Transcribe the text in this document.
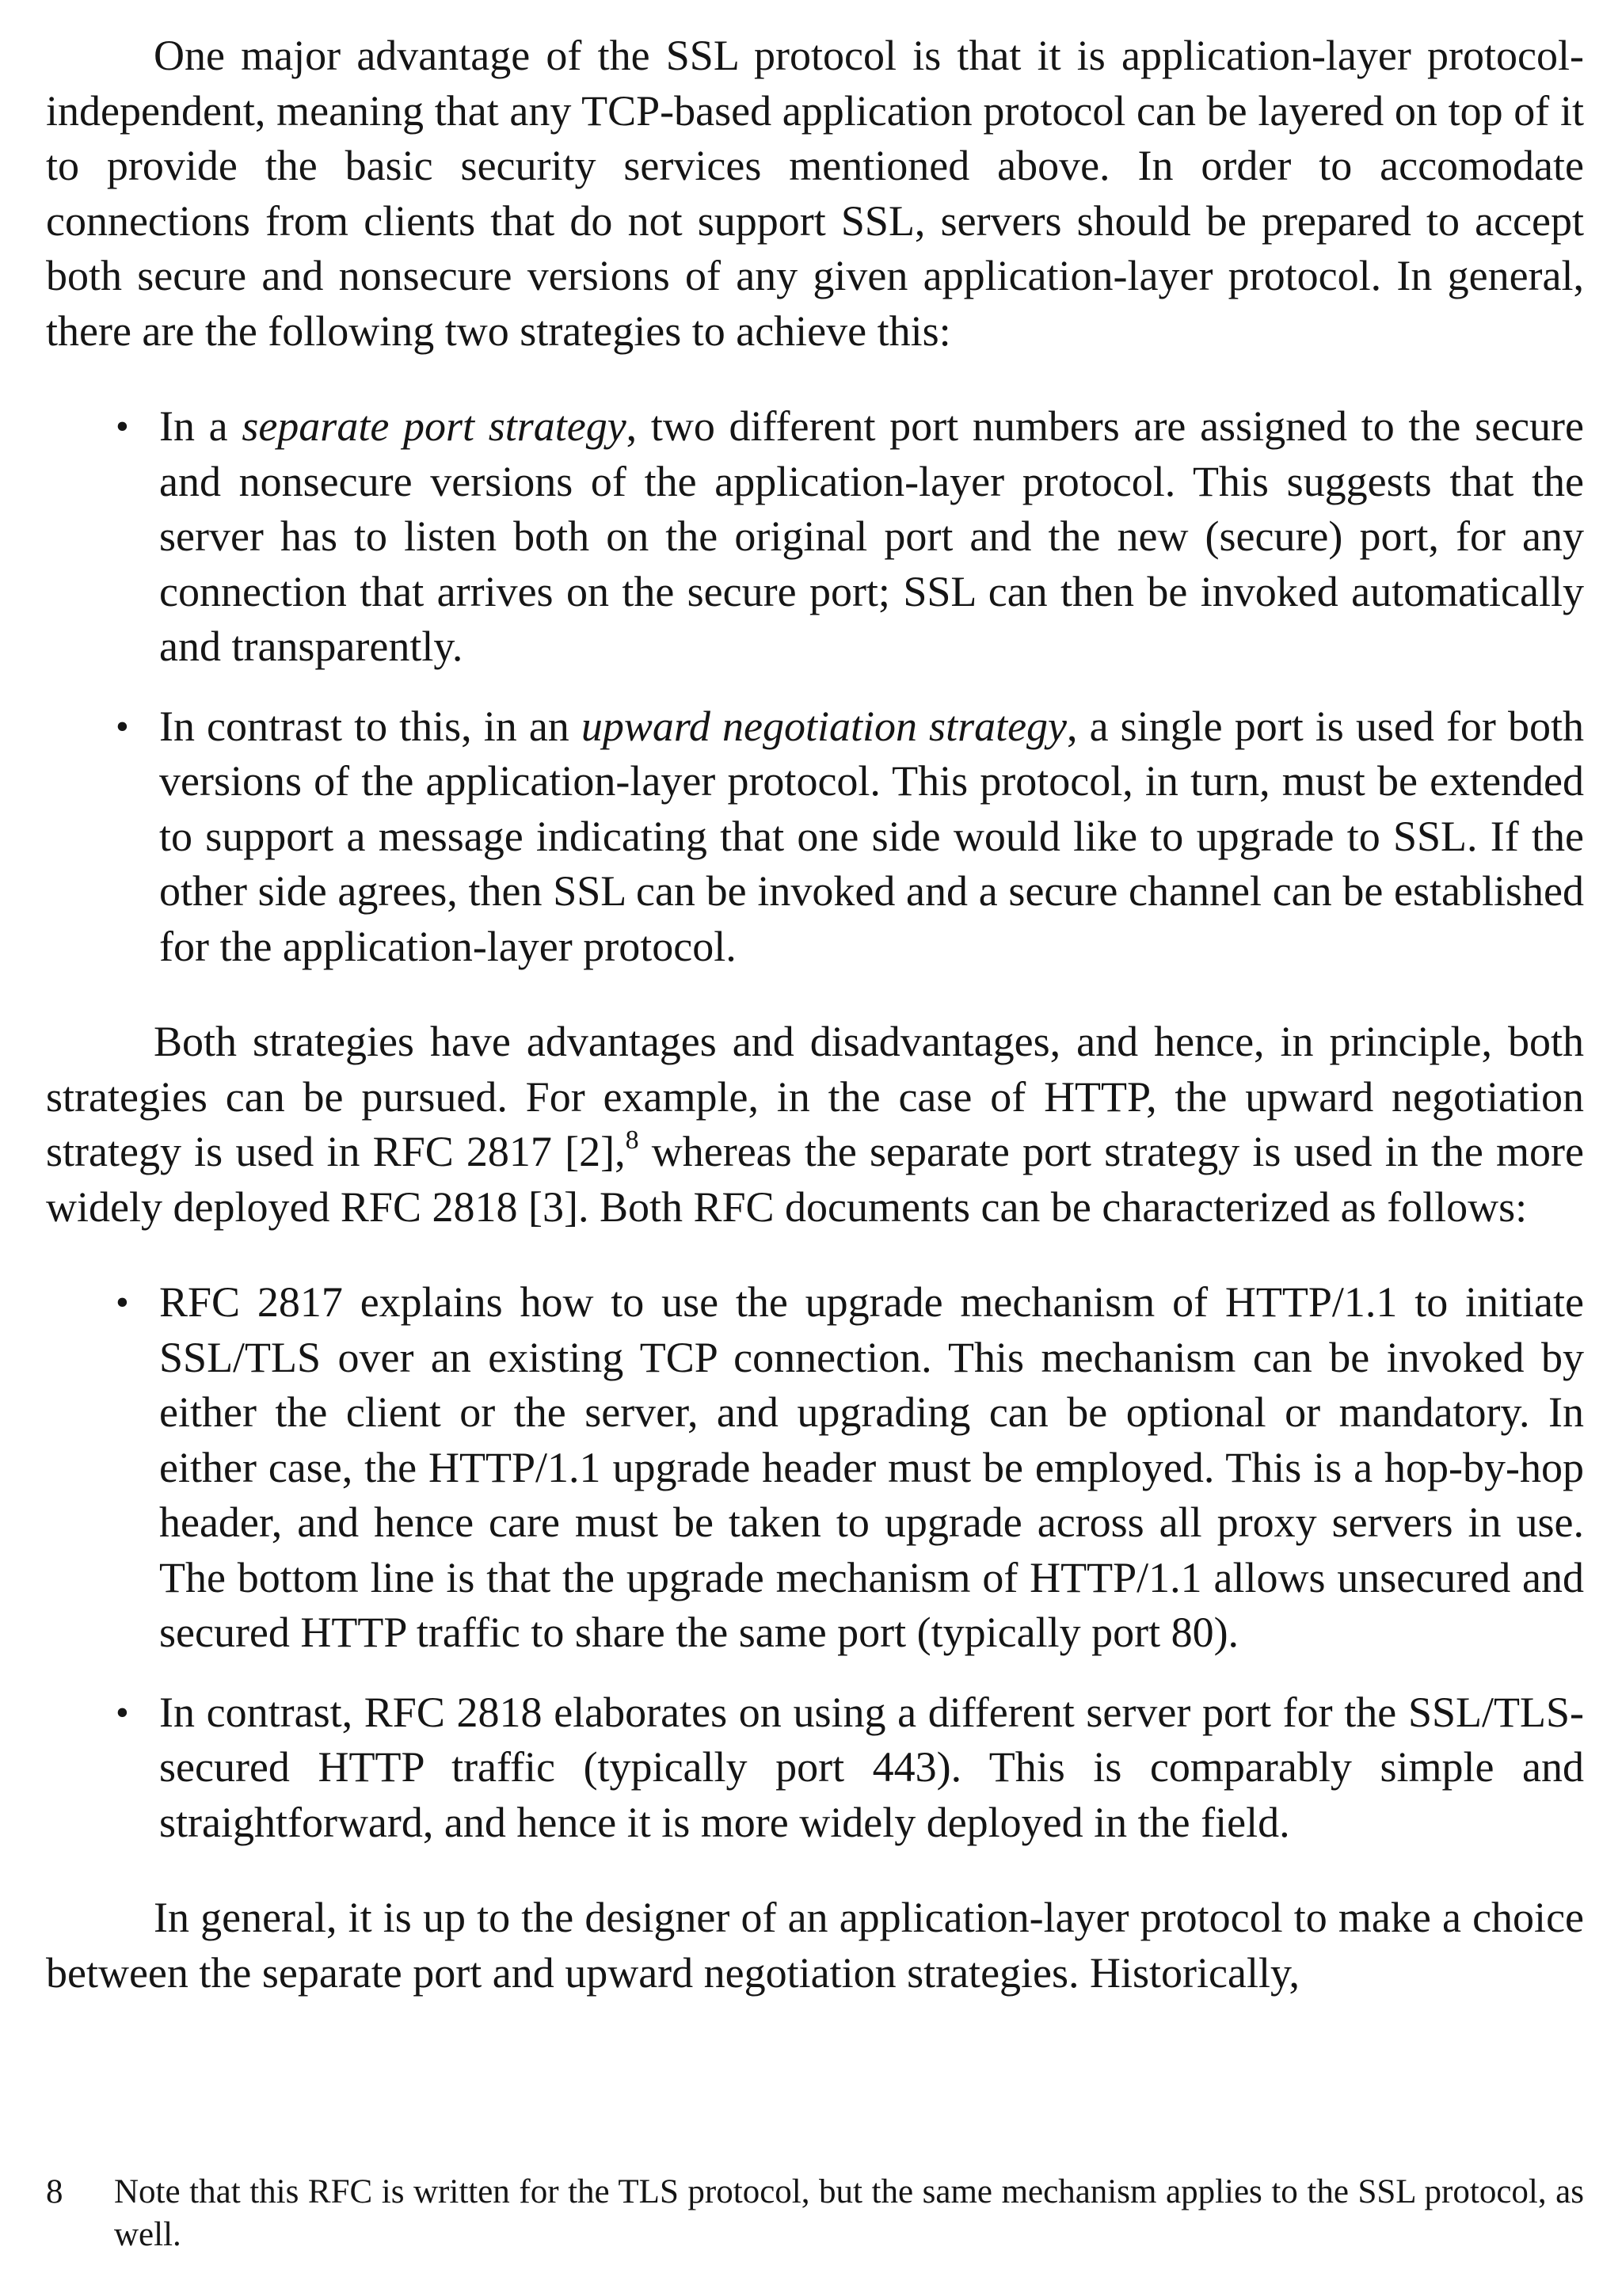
One major advantage of the SSL protocol is that it is application-layer protocol-independent, meaning that any TCP-based application protocol can be layered on top of it to provide the basic security services mentioned above. In order to accomodate connections from clients that do not support SSL, servers should be prepared to accept both secure and nonsecure versions of any given application-layer protocol. In general, there are the following two strategies to achieve this:

• In a separate port strategy, two different port numbers are assigned to the secure and nonsecure versions of the application-layer protocol. This suggests that the server has to listen both on the original port and the new (secure) port, for any connection that arrives on the secure port; SSL can then be invoked automatically and transparently.
• In contrast to this, in an upward negotiation strategy, a single port is used for both versions of the application-layer protocol. This protocol, in turn, must be extended to support a message indicating that one side would like to upgrade to SSL. If the other side agrees, then SSL can be invoked and a secure channel can be established for the application-layer protocol.

Both strategies have advantages and disadvantages, and hence, in principle, both strategies can be pursued. For example, in the case of HTTP, the upward negotiation strategy is used in RFC 2817 [2],$^8$ whereas the separate port strategy is used in the more widely deployed RFC 2818 [3]. Both RFC documents can be characterized as follows:

• RFC 2817 explains how to use the upgrade mechanism of HTTP/1.1 to initiate SSL/TLS over an existing TCP connection. This mechanism can be invoked by either the client or the server, and upgrading can be optional or mandatory. In either case, the HTTP/1.1 upgrade header must be employed. This is a hop-by-hop header, and hence care must be taken to upgrade across all proxy servers in use. The bottom line is that the upgrade mechanism of HTTP/1.1 allows unsecured and secured HTTP traffic to share the same port (typically port 80).
• In contrast, RFC 2818 elaborates on using a different server port for the SSL/TLS-secured HTTP traffic (typically port 443). This is comparably simple and straightforward, and hence it is more widely deployed in the field.

In general, it is up to the designer of an application-layer protocol to make a choice between the separate port and upward negotiation strategies. Historically,

8 Note that this RFC is written for the TLS protocol, but the same mechanism applies to the SSL protocol, as well.
